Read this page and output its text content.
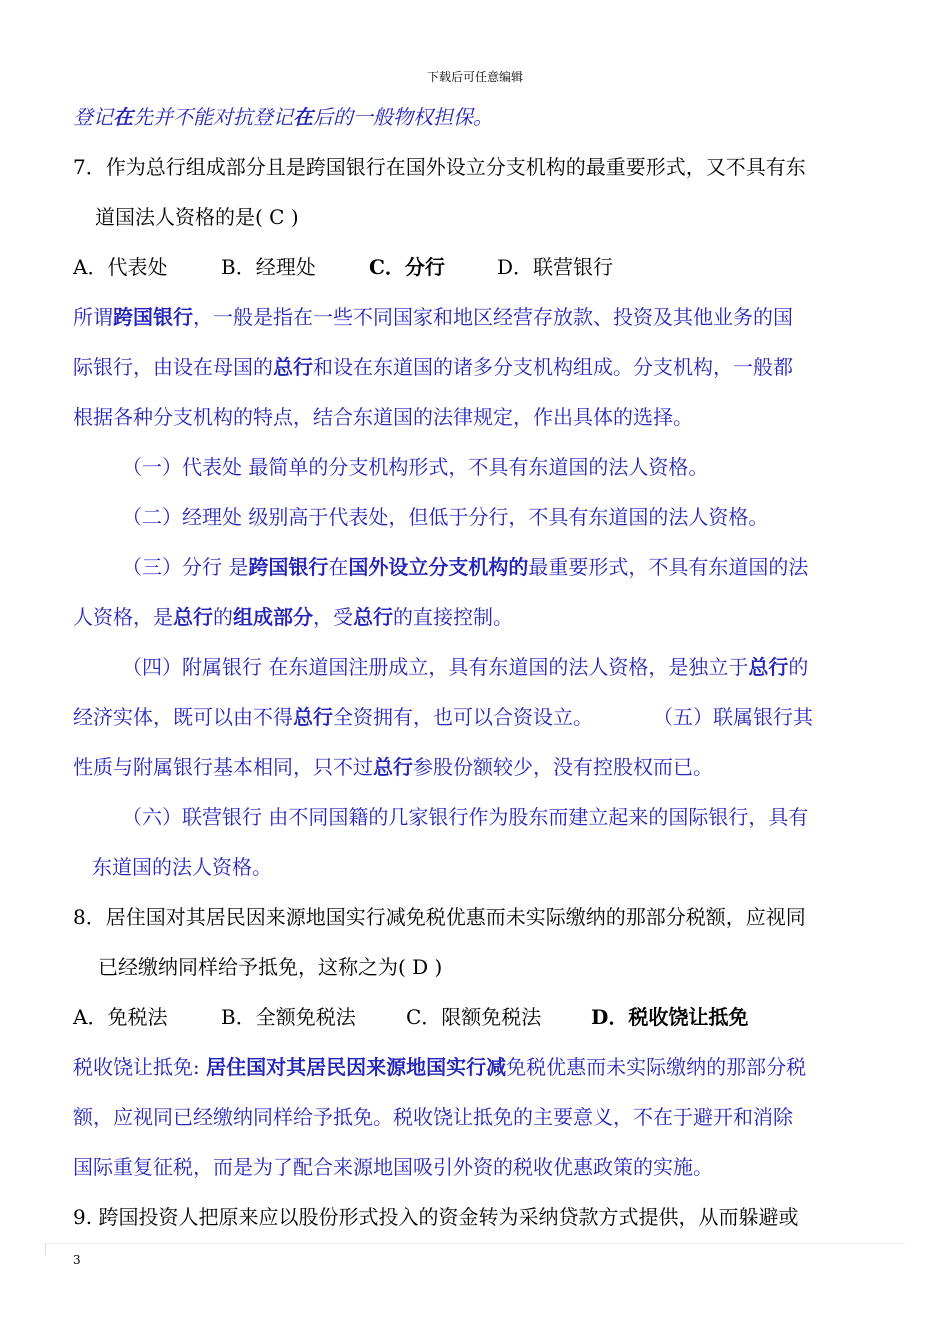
下载后可任意编辑
登记在先并不能对抗登记在后的一般物权担保。
7．作为总行组成部分且是跨国银行在国外设立分支机构的最重要形式，又不具有东
道国法人资格的是( C )
A．代表处	B．经理处	C．分行	D．联营银行
所谓跨国银行，一般是指在一些不同国家和地区经营存放款、投资及其他业务的国
际银行，由设在母国的总行和设在东道国的诸多分支机构组成。分支机构，一般都
根据各种分支机构的特点，结合东道国的法律规定，作出具体的选择。
（一）代表处 最简单的分支机构形式，不具有东道国的法人资格。
（二）经理处 级别高于代表处，但低于分行，不具有东道国的法人资格。
（三）分行 是跨国银行在国外设立分支机构的最重要形式，不具有东道国的法
人资格，是总行的组成部分，受总行的直接控制。
（四）附属银行 在东道国注册成立，具有东道国的法人资格，是独立于总行的
经济实体，既可以由不得总行全资拥有，也可以合资设立。	（五）联属银行其
性质与附属银行基本相同，只不过总行参股份额较少，没有控股权而已。
（六）联营银行 由不同国籍的几家银行作为股东而建立起来的国际银行，具有
东道国的法人资格。
8．居住国对其居民因来源地国实行减免税优惠而未实际缴纳的那部分税额，应视同
已经缴纳同样给予抵免，这称之为( D )
A．免税法	B．全额免税法	C．限额免税法 D．税收饶让抵免
税收饶让抵免: 居住国对其居民因来源地国实行减免税优惠而未实际缴纳的那部分税
额，应视同已经缴纳同样给予抵免。税收饶让抵免的主要意义，不在于避开和消除
国际重复征税，而是为了配合来源地国吸引外资的税收优惠政策的实施。
9. 跨国投资人把原来应以股份形式投入的资金转为采纳贷款方式提供，从而躲避或
3
